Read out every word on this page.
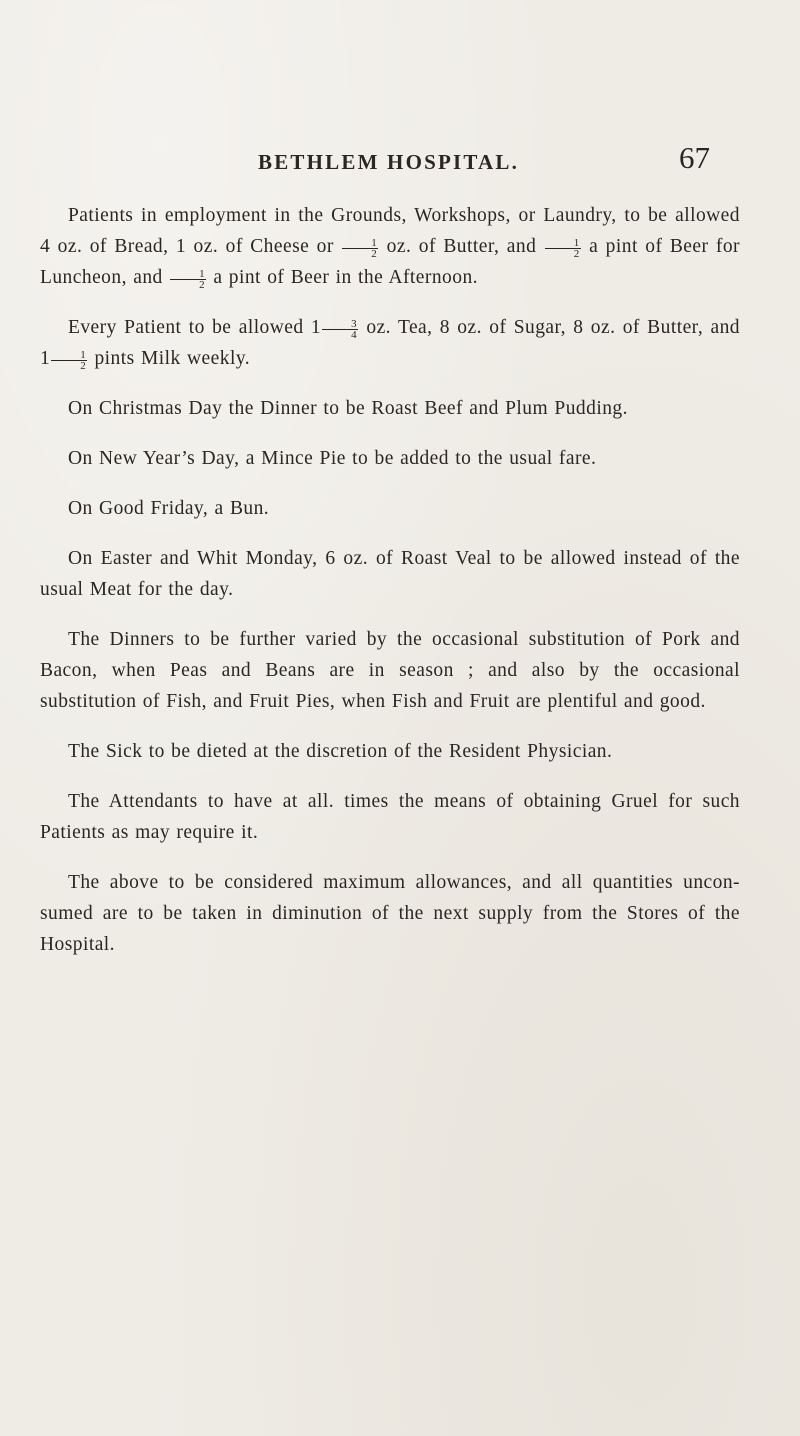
BETHLEM HOSPITAL.	67

Patients in employment in the Grounds, Workshops, or Laundry, to be allowed 4 oz. of Bread, 1 oz. of Cheese or $\frac{1}{2}$ oz. of Butter, and $\frac{1}{2}$ a pint of Beer for Luncheon, and $\frac{1}{2}$ a pint of Beer in the Afternoon.

Every Patient to be allowed $1 \frac{3}{4}$ oz. Tea, 8 oz. of Sugar, 8 oz. of Butter, and $1 \frac{1}{2}$ pints Milk weekly.

On Christmas Day the Dinner to be Roast Beef and Plum Pudding.

On New Year’s Day, a Mince Pie to be added to the usual fare.

On Good Friday, a Bun.

On Easter and Whit Monday, 6 oz. of Roast Veal to be allowed instead of the usual Meat for the day.

The Dinners to be further varied by the occasional substitution of Pork and Bacon, when Peas and Beans are in season ; and also by the occasional substitution of Fish, and Fruit Pies, when Fish and Fruit are plentiful and good.

The Sick to be dieted at the discretion of the Resident Physician.

The Attendants to have at all. times the means of obtaining Gruel for such Patients as may require it.

The above to be considered maximum allowances, and all quantities uncon-sumed are to be taken in diminution of the next supply from the Stores of the Hospital.
